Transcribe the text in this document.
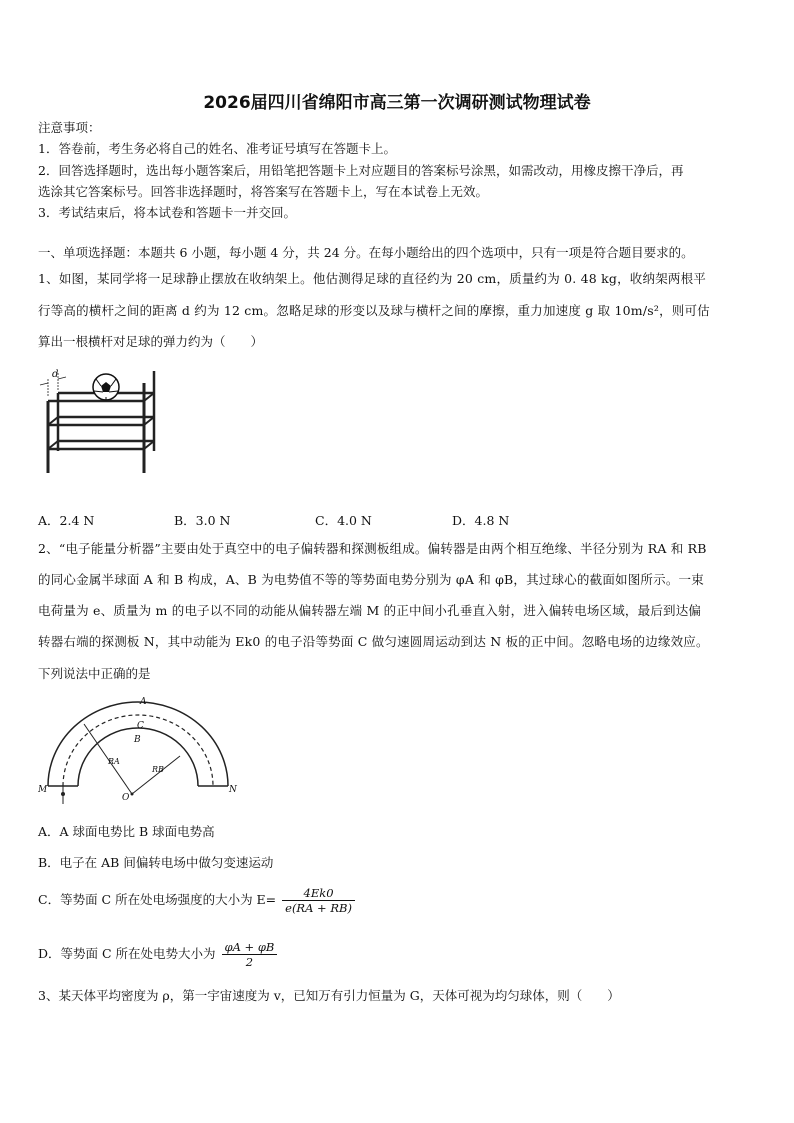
2026届四川省绵阳市高三第一次调研测试物理试卷
注意事项：
1．答卷前，考生务必将自己的姓名、准考证号填写在答题卡上。
2．回答选择题时，选出每小题答案后，用铅笔把答题卡上对应题目的答案标号涂黑，如需改动，用橡皮擦干净后，再
选涂其它答案标号。回答非选择题时，将答案写在答题卡上，写在本试卷上无效。
3．考试结束后，将本试卷和答题卡一并交回。
一、单项选择题：本题共 6 小题，每小题 4 分，共 24 分。在每小题给出的四个选项中，只有一项是符合题目要求的。
1、如图，某同学将一足球静止摆放在收纳架上。他估测得足球的直径约为 20 cm，质量约为 0. 48 kg，收纳架两根平
行等高的横杆之间的距离 d 约为 12 cm。忽略足球的形变以及球与横杆之间的摩擦，重力加速度 g 取 10m/s²，则可估
算出一根横杆对足球的弹力约为（　　）
d
A．2.4 N	B．3.0 N	C．4.0 N	D．4.8 N
2、“电子能量分析器”主要由处于真空中的电子偏转器和探测板组成。偏转器是由两个相互绝缘、半径分别为 RA 和 RB
的同心金属半球面 A 和 B 构成，A、B 为电势值不等的等势面电势分别为 φA 和 φB，其过球心的截面如图所示。一束
电荷量为 e、质量为 m 的电子以不同的动能从偏转器左端 M 的正中间小孔垂直入射，进入偏转电场区域，最后到达偏
转器右端的探测板 N，其中动能为 Ek0 的电子沿等势面 C 做匀速圆周运动到达 N 板的正中间。忽略电场的边缘效应。
下列说法中正确的是
A
C
B
RA
RB
O
M	N
A．A 球面电势比 B 球面电势高
B．电子在 AB 间偏转电场中做匀变速运动
C．等势面 C 所在处电场强度的大小为 $E= \frac{4Ek0}{e(RA + RB)}$
D．等势面 C 所在处电势大小为 $\frac{\varphi A + \varphi B}{2}$
3、某天体平均密度为 ρ，第一宇宙速度为 v，已知万有引力恒量为 G，天体可视为均匀球体，则（　　）
